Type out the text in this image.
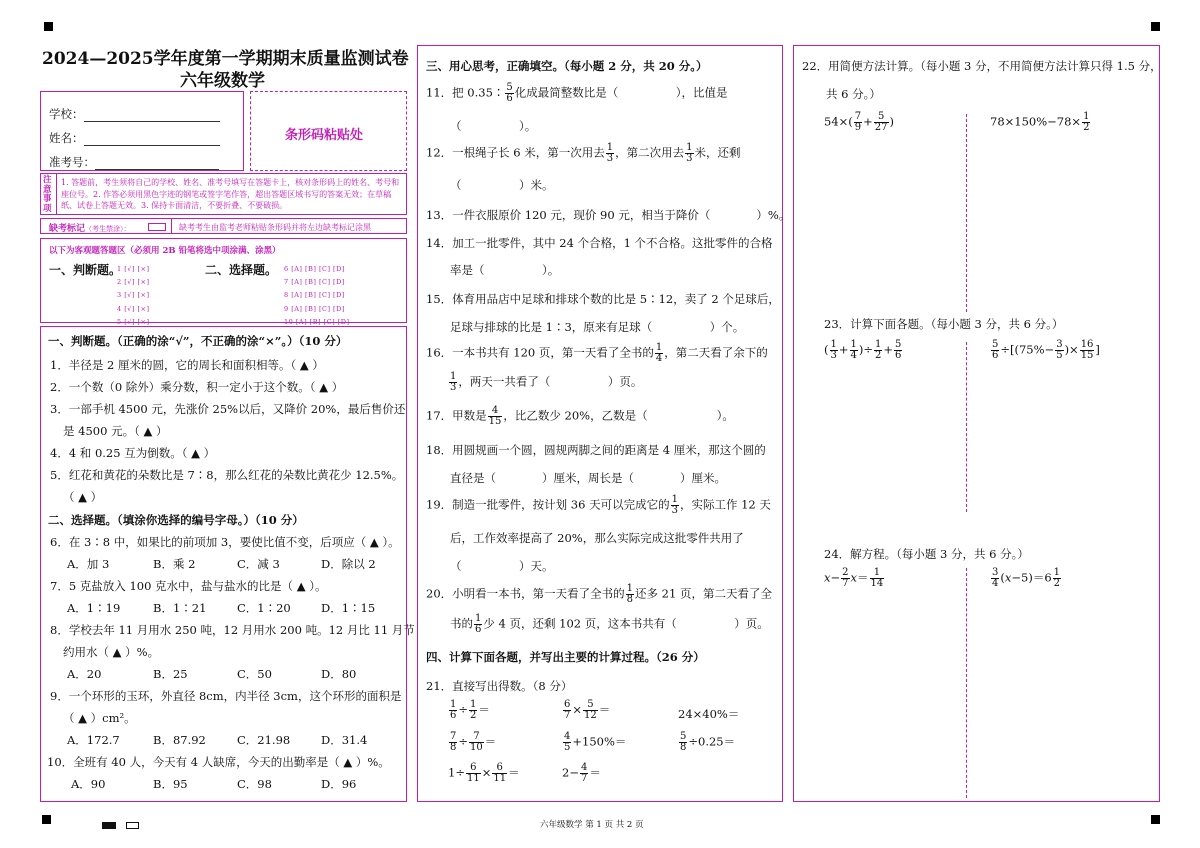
2024—2025学年度第一学期期末质量监测试卷
六年级数学
学校：
姓名：
准考号：
条形码粘贴处
注意事项
1. 答题前，考生须将自己的学校、姓名、准考号填写在答题卡上，核对条形码上的姓名、考号和座位号。2. 作答必须用黑色字迹的钢笔或签字笔作答，超出答题区域书写的答案无效；在草稿纸、试卷上答题无效。3. 保持卡面清洁，不要折叠、不要破损。
缺考标记（考生禁涂）：	缺考考生由监考老师粘贴条形码并将左边缺考标记涂黑
以下为客观题答题区（必须用 2B 铅笔将选中项涂满、涂黑）
一、判断题。
1 [√] [×]
2 [√] [×]
3 [√] [×]
4 [√] [×]
5 [√] [×]
二、选择题。 6 [A] [B] [C] [D]
7 [A] [B] [C] [D]
8 [A] [B] [C] [D]
9 [A] [B] [C] [D]
10 [A] [B] [C] [D]
一、判断题。（正确的涂“√”，不正确的涂“×”。）（10 分）
1．半径是 2 厘米的圆，它的周长和面积相等。（ ▲ ）
2．一个数（0 除外）乘分数，积一定小于这个数。（ ▲ ）
3．一部手机 4500 元，先涨价 25%以后，又降价 20%，最后售价还
是 4500 元。（ ▲ ）
4．4 和 0.25 互为倒数。（ ▲ ）
5．红花和黄花的朵数比是 7∶8，那么红花的朵数比黄花少 12.5%。
（ ▲ ）
二、选择题。（填涂你选择的编号字母。）（10 分）
6．在 3∶8 中，如果比的前项加 3，要使比值不变，后项应（ ▲ ）。
A．加 3	B．乘 2	C．减 3	D．除以 2
7．5 克盐放入 100 克水中，盐与盐水的比是（ ▲ ）。
A．1∶19	B．1∶21	C．1∶20	D．1∶15
8．学校去年 11 月用水 250 吨，12 月用水 200 吨。12 月比 11 月节
约用水（ ▲ ）%。
A．20	B．25	C．50	D．80
9．一个环形的玉环，外直径 8cm，内半径 3cm，这个环形的面积是
（ ▲ ）cm²。
A．172.7	B．87.92	C．21.98	D．31.4
10．全班有 40 人，今天有 4 人缺席，今天的出勤率是（ ▲ ）%。
A．90	B．95	C．98	D．96
三、用心思考，正确填空。（每小题 2 分，共 20 分。）
11．把 0.35∶ $\frac{5}{6}$ 化成最简整数比是（　　　　　），比值是
（　　　　　）。
12．一根绳子长 6 米，第一次用去 $\frac{1}{3}$ ，第二次用去 $\frac{1}{3}$ 米，还剩
（　　　　　）米。
13．一件衣服原价 120 元，现价 90 元，相当于降价（　　　　）%。
14．加工一批零件，其中 24 个合格，1 个不合格。这批零件的合格
率是（　　　　　）。
15．体育用品店中足球和排球个数的比是 5∶12，卖了 2 个足球后，
足球与排球的比是 1∶3，原来有足球（　　　　　）个。
16．一本书共有 120 页，第一天看了全书的 $\frac{1}{4}$ ，第二天看了余下的
$\frac{1}{3}$ ，两天一共看了（　　　　　）页。
17．甲数是 $\frac{4}{15}$ ，比乙数少 20%，乙数是（　　　　　　）。
18．用圆规画一个圆，圆规两脚之间的距离是 4 厘米，那这个圆的
直径是（　　　　）厘米，周长是（　　　　）厘米。
19．制造一批零件，按计划 36 天可以完成它的 $\frac{1}{3}$ ，实际工作 12 天
后，工作效率提高了 20%，那么实际完成这批零件共用了
（　　　　　）天。
20．小明看一本书，第一天看了全书的 $\frac{1}{8}$ 还多 21 页，第二天看了全
书的 $\frac{1}{6}$ 少 4 页，还剩 102 页，这本书共有（　　　　　）页。
四、计算下面各题，并写出主要的计算过程。（26 分）
21．直接写出得数。（8 分）
$\frac{1}{6} \div \frac{1}{2}$ ＝	$\frac{6}{7} \times \frac{5}{12}$ ＝	24×40%＝
$\frac{7}{8} \div \frac{7}{10}$ ＝	$\frac{4}{5} +150\%=$	$\frac{5}{8} \div 0.25=$
$1\div \frac{6}{11} \times \frac{6}{11}$ ＝	$2- \frac{4}{7}$ ＝
22．用简便方法计算。（每小题 3 分，不用简便方法计算只得 1.5 分，
共 6 分。）
$54\times( \frac{7}{9} + \frac{5}{27}$ )	$78\times 150\%-78\times \frac{1}{2}$
23．计算下面各题。（每小题 3 分，共 6 分。）
( $\frac{1}{3} + \frac{1}{4}$ )÷ $\frac{1}{2} + \frac{5}{6}$	$\frac{5}{6} \div[(75\%- \frac{3}{5}$ )× $\frac{16}{15}$ ]
24．解方程。（每小题 3 分，共 6 分。）
$x- \frac{2}{7} x= \frac{1}{14}$	$\frac{3}{4} (x-5)=6 \frac{1}{2}$
六年级数学 第 1 页 共 2 页
